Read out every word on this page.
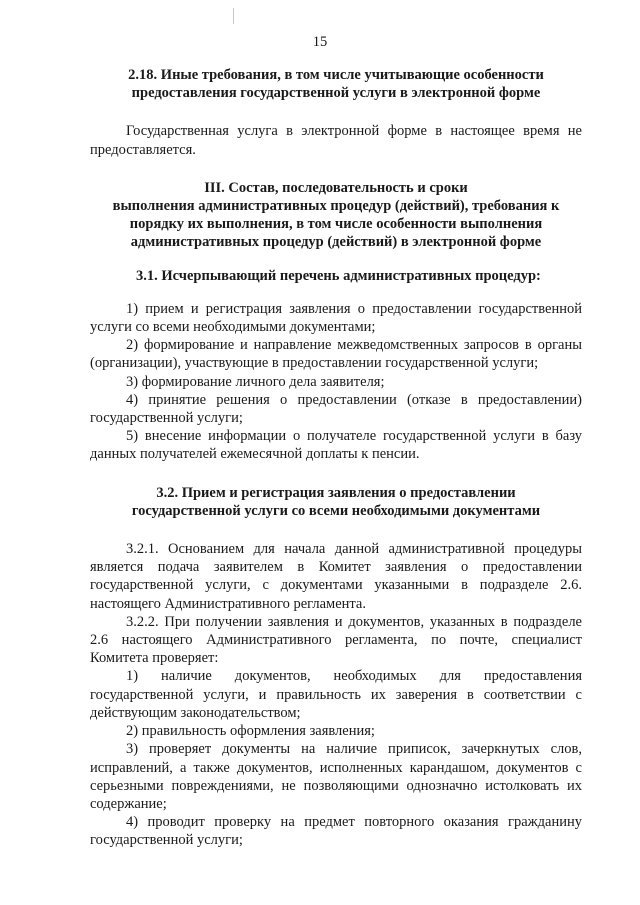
15
2.18. Иные требования, в том числе учитывающие особенности
предоставления государственной услуги в электронной форме

Государственная услуга в электронной форме в настоящее время не предоставляется.

III. Состав, последовательность и сроки
выполнения административных процедур (действий), требования к
порядку их выполнения, в том числе особенности выполнения
административных процедур (действий) в электронной форме

3.1. Исчерпывающий перечень административных процедур:

1) прием и регистрация заявления о предоставлении государственной услуги со всеми необходимыми документами;

2) формирование и направление межведомственных запросов в органы (организации), участвующие в предоставлении государственной услуги;

3) формирование личного дела заявителя;

4) принятие решения о предоставлении (отказе в предоставлении) государственной услуги;

5) внесение информации о получателе государственной услуги в базу данных получателей ежемесячной доплаты к пенсии.

3.2. Прием и регистрация заявления о предоставлении
государственной услуги со всеми необходимыми документами

3.2.1. Основанием для начала данной административной процедуры является подача заявителем в Комитет заявления о предоставлении государственной услуги, с документами указанными в подразделе 2.6. настоящего Административного регламента.

3.2.2. При получении заявления и документов, указанных в подразделе 2.6 настоящего Административного регламента, по почте, специалист Комитета проверяет:

1) наличие документов, необходимых для предоставления государственной услуги, и правильность их заверения в соответствии с действующим законодательством;

2) правильность оформления заявления;

3) проверяет документы на наличие приписок, зачеркнутых слов, исправлений, а также документов, исполненных карандашом, документов с серьезными повреждениями, не позволяющими однозначно истолковать их содержание;

4) проводит проверку на предмет повторного оказания гражданину государственной услуги;
